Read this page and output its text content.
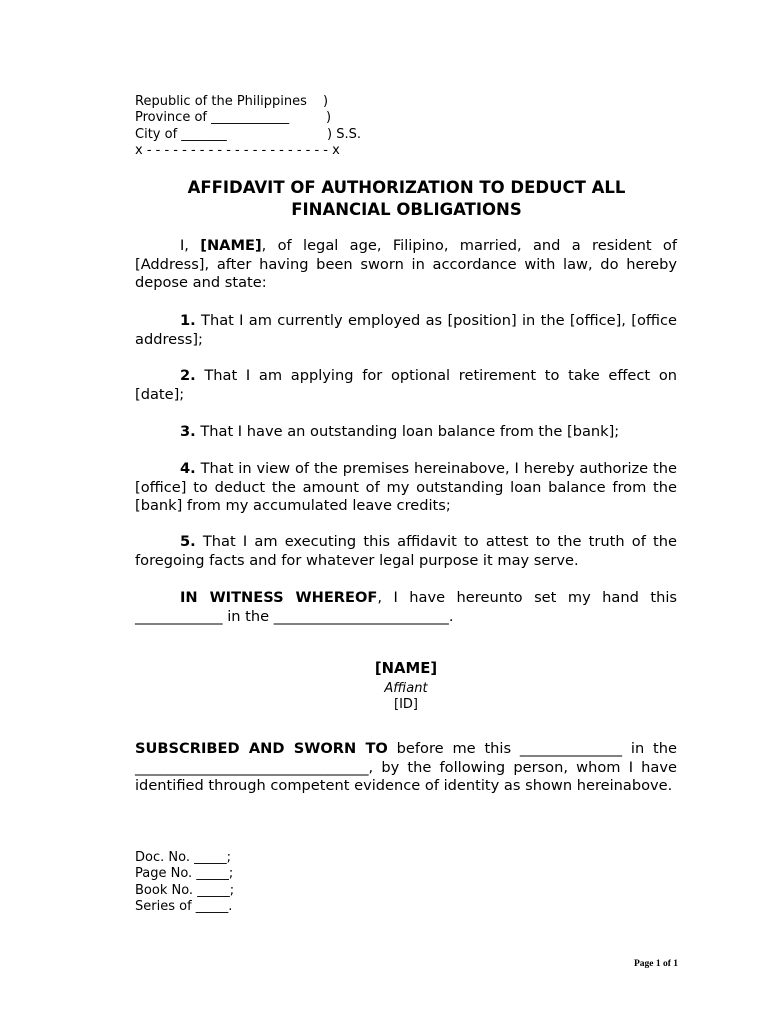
Republic of the Philippines )
Province of ____________	)
City of _______	) S.S.
x - - - - - - - - - - - - - - - - - - - - - x
AFFIDAVIT OF AUTHORIZATION TO DEDUCT ALL
FINANCIAL OBLIGATIONS
I, [NAME], of legal age, Filipino, married, and a resident of [Address], after having been sworn in accordance with law, do hereby depose and state:
1. That I am currently employed as [position] in the [office], [office address];
2. That I am applying for optional retirement to take effect on [date];
3. That I have an outstanding loan balance from the [bank];
4. That in view of the premises hereinabove, I hereby authorize the [office] to deduct the amount of my outstanding loan balance from the [bank] from my accumulated leave credits;
5. That I am executing this affidavit to attest to the truth of the foregoing facts and for whatever legal purpose it may serve.
IN WITNESS WHEREOF, I have hereunto set my hand this ____________ in the ________________________.
[NAME]
Affiant
[ID]
SUBSCRIBED AND SWORN TO before me this ______________ in the ________________________________, by the following person, whom I have identified through competent evidence of identity as shown hereinabove.
Doc. No. _____;
Page No. _____;
Book No. _____;
Series of _____.
Page 1 of 1
